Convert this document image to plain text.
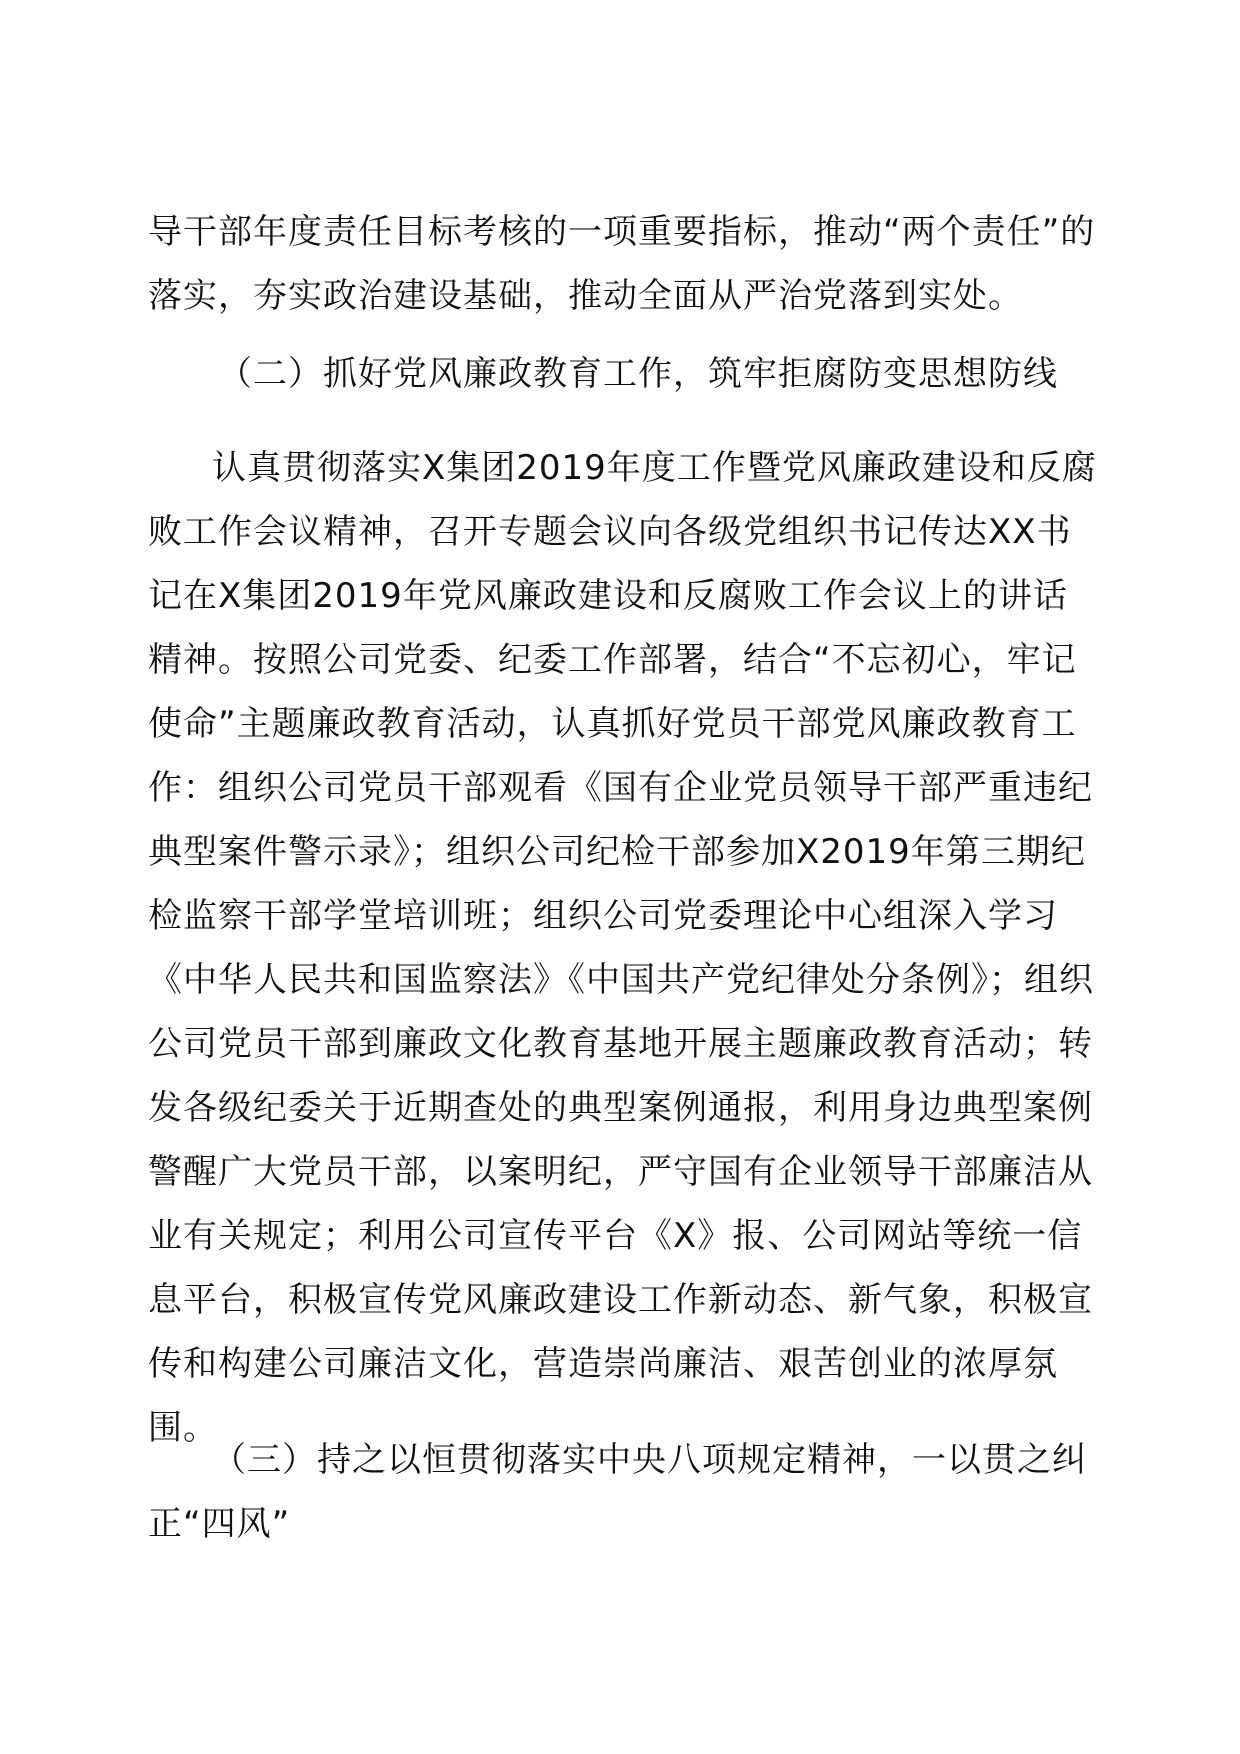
导干部年度责任目标考核的一项重要指标，推动“两个责任”的落实，夯实政治建设基础，推动全面从严治党落到实处。

（二）抓好党风廉政教育工作，筑牢拒腐防变思想防线

认真贯彻落实X集团2019年度工作暨党风廉政建设和反腐败工作会议精神，召开专题会议向各级党组织书记传达XX书记在X集团2019年党风廉政建设和反腐败工作会议上的讲话精神。按照公司党委、纪委工作部署，结合“不忘初心，牢记使命”主题廉政教育活动，认真抓好党员干部党风廉政教育工作：组织公司党员干部观看《国有企业党员领导干部严重违纪典型案件警示录》；组织公司纪检干部参加X2019年第三期纪检监察干部学堂培训班；组织公司党委理论中心组深入学习《中华人民共和国监察法》《中国共产党纪律处分条例》；组织公司党员干部到廉政文化教育基地开展主题廉政教育活动；转发各级纪委关于近期查处的典型案例通报，利用身边典型案例警醒广大党员干部，以案明纪，严守国有企业领导干部廉洁从业有关规定；利用公司宣传平台《X》报、公司网站等统一信息平台，积极宣传党风廉政建设工作新动态、新气象，积极宣传和构建公司廉洁文化，营造崇尚廉洁、艰苦创业的浓厚氛围。

（三）持之以恒贯彻落实中央八项规定精神，一以贯之纠正“四风”
